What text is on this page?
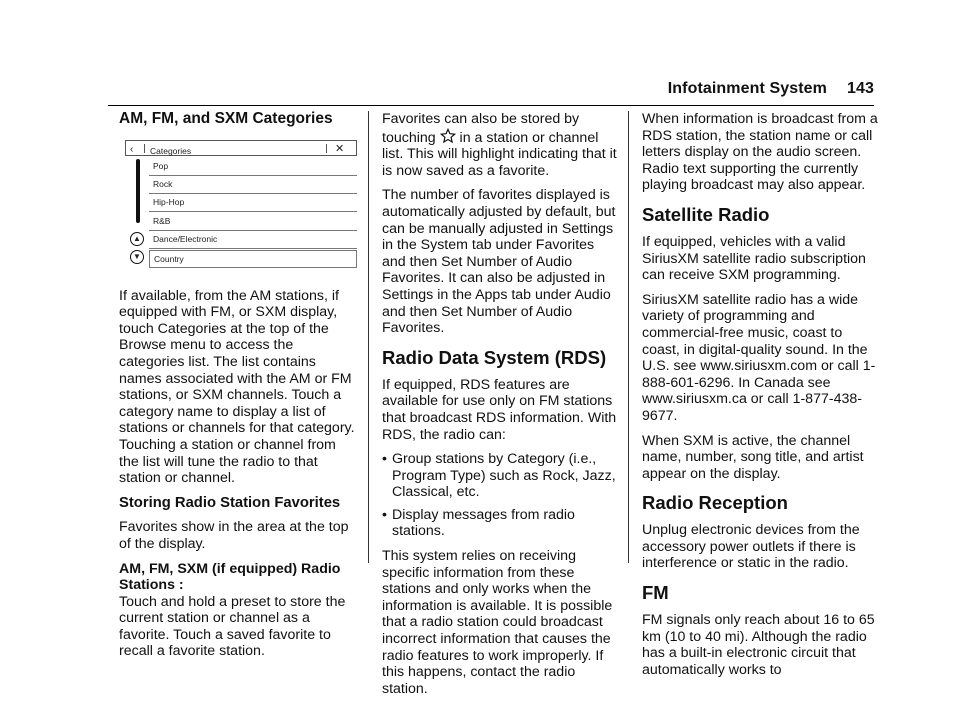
Infotainment System 143
AM, FM, and SXM Categories
‹ Categories	✕
▲
▼
Pop
Rock
Hip-Hop
R&B
Dance/Electronic
Country

If available, from the AM stations, if equipped with FM, or SXM display, touch Categories at the top of the Browse menu to access the categories list. The list contains names associated with the AM or FM stations, or SXM channels. Touch a category name to display a list of stations or channels for that category. Touching a station or channel from the list will tune the radio to that station or channel.

Storing Radio Station Favorites

Favorites show in the area at the top of the display.

AM, FM, SXM (if equipped) Radio Stations :
Touch and hold a preset to store the current station or channel as a favorite. Touch a saved favorite to recall a favorite station.

Favorites can also be stored by touching in a station or channel list. This will highlight indicating that it is now saved as a favorite.

The number of favorites displayed is automatically adjusted by default, but can be manually adjusted in Settings in the System tab under Favorites and then Set Number of Audio Favorites. It can also be adjusted in Settings in the Apps tab under Audio and then Set Number of Audio Favorites.

Radio Data System (RDS)

If equipped, RDS features are available for use only on FM stations that broadcast RDS information. With RDS, the radio can:

• Group stations by Category (i.e., Program Type) such as Rock, Jazz, Classical, etc.
• Display messages from radio stations.

This system relies on receiving specific information from these stations and only works when the information is available. It is possible that a radio station could broadcast incorrect information that causes the radio features to work improperly. If this happens, contact the radio station.

When information is broadcast from a RDS station, the station name or call letters display on the audio screen. Radio text supporting the currently playing broadcast may also appear.

Satellite Radio

If equipped, vehicles with a valid SiriusXM satellite radio subscription can receive SXM programming.

SiriusXM satellite radio has a wide variety of programming and commercial-free music, coast to coast, in digital-quality sound. In the U.S. see www.siriusxm.com or call 1-888-601-6296. In Canada see www.siriusxm.ca or call 1-877-438-9677.

When SXM is active, the channel name, number, song title, and artist appear on the display.

Radio Reception

Unplug electronic devices from the accessory power outlets if there is interference or static in the radio.

FM

FM signals only reach about 16 to 65 km (10 to 40 mi). Although the radio has a built-in electronic circuit that automatically works to
